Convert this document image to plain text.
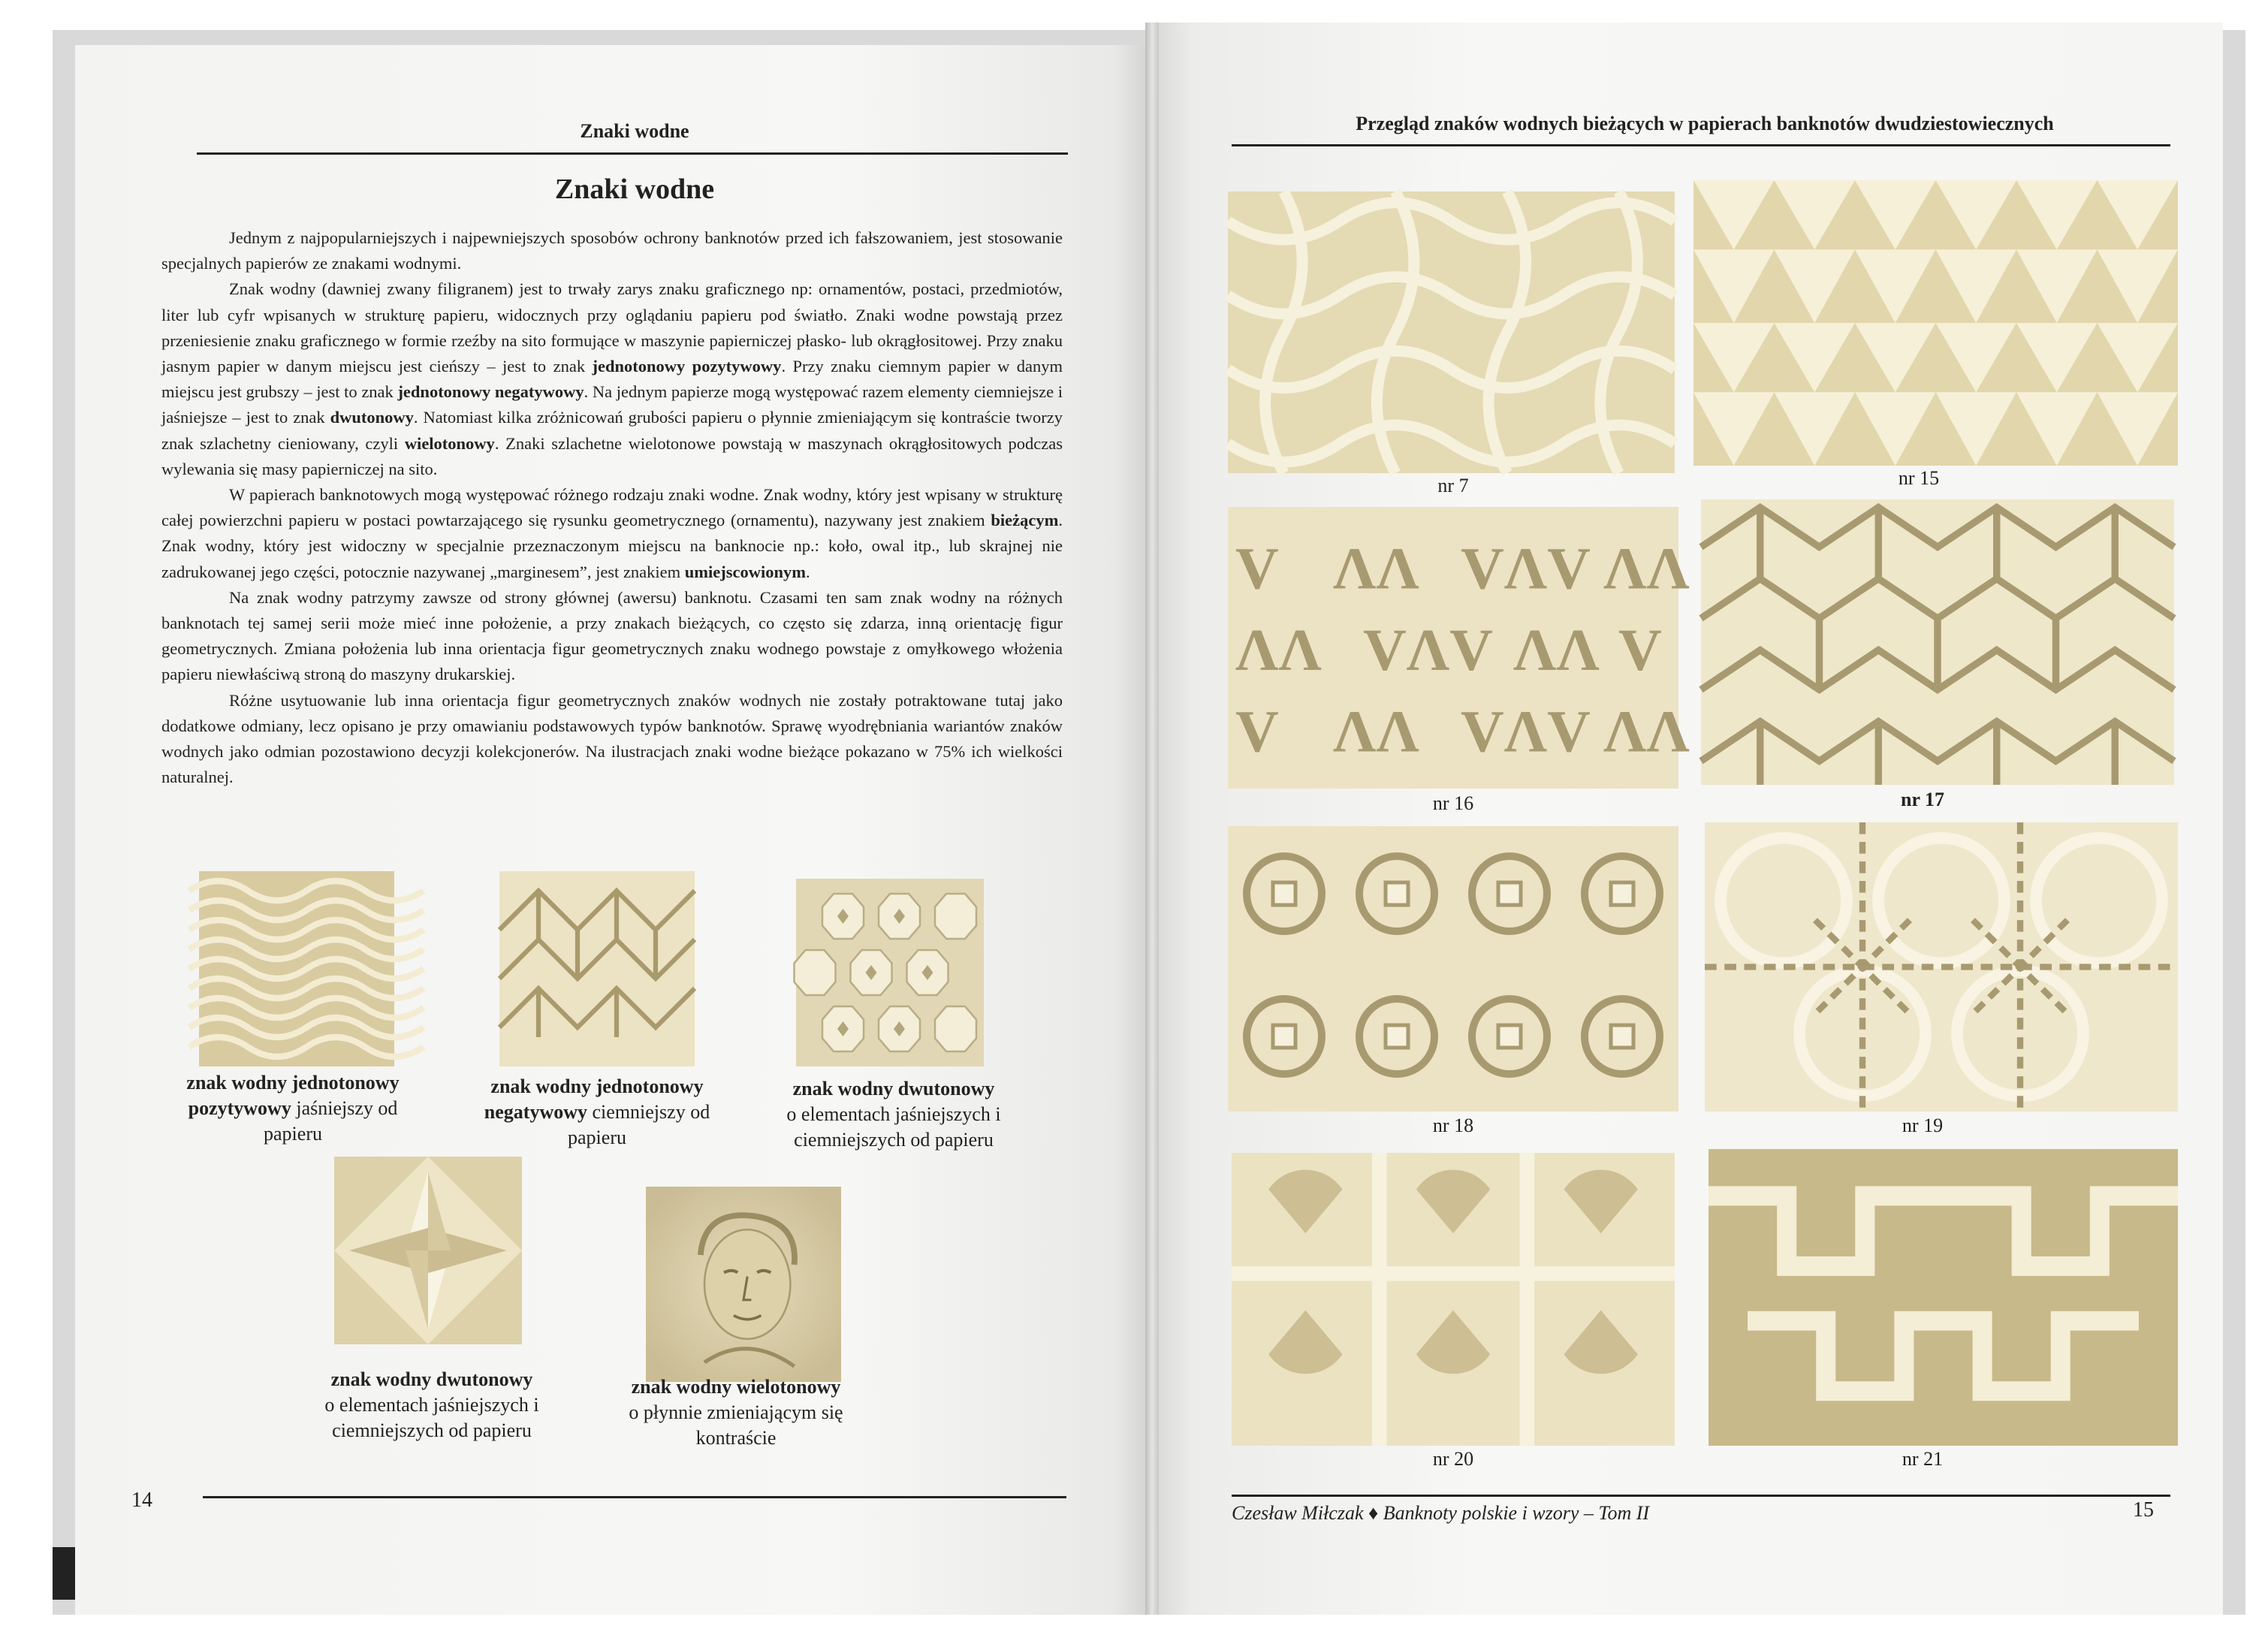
Znaki wodne
Znaki wodne

Jednym z najpopularniejszych i najpewniejszych sposobów ochrony banknotów przed ich fałszowaniem, jest stosowanie specjalnych papierów ze znakami wodnymi.

Znak wodny (dawniej zwany filigranem) jest to trwały zarys znaku graficznego np: ornamentów, postaci, przedmiotów, liter lub cyfr wpisanych w strukturę papieru, widocznych przy oglądaniu papieru pod światło. Znaki wodne powstają przez przeniesienie znaku graficznego w formie rzeźby na sito formujące w maszynie papierniczej płasko- lub okrągłositowej. Przy znaku jasnym papier w danym miejscu jest cieńszy – jest to znak jednotonowy pozytywowy. Przy znaku ciemnym papier w danym miejscu jest grubszy – jest to znak jednotonowy negatywowy. Na jednym papierze mogą występować razem elementy ciemniejsze i jaśniejsze – jest to znak dwutonowy. Natomiast kilka zróżnicowań grubości papieru o płynnie zmieniającym się kontraście tworzy znak szlachetny cieniowany, czyli wielotonowy. Znaki szlachetne wielotonowe powstają w maszynach okrągłositowych podczas wylewania się masy papierniczej na sito.

W papierach banknotowych mogą występować różnego rodzaju znaki wodne. Znak wodny, który jest wpisany w strukturę całej powierzchni papieru w postaci powtarzającego się rysunku geometrycznego (ornamentu), nazywany jest znakiem bieżącym. Znak wodny, który jest widoczny w specjalnie przeznaczonym miejscu na banknocie np.: koło, owal itp., lub skrajnej nie zadrukowanej jego części, potocznie nazywanej „marginesem”, jest znakiem umiejscowionym.

Na znak wodny patrzymy zawsze od strony głównej (awersu) banknotu. Czasami ten sam znak wodny na różnych banknotach tej samej serii może mieć inne położenie, a przy znakach bieżących, co często się zdarza, inną orientację figur geometrycznych. Zmiana położenia lub inna orientacja figur geometrycznych znaku wodnego powstaje z omyłkowego włożenia papieru niewłaściwą stroną do maszyny drukarskiej.

Różne usytuowanie lub inna orientacja figur geometrycznych znaków wodnych nie zostały potraktowane tutaj jako dodatkowe odmiany, lecz opisano je przy omawianiu podstawowych typów banknotów. Sprawę wyodrębniania wariantów znaków wodnych jako odmian pozostawiono decyzji kolekcjonerów. Na ilustracjach znaki wodne bieżące pokazano w 75% ich wielkości naturalnej.

znak wodny jednotonowy pozytywowy jaśniejszy od papieru
znak wodny jednotonowy negatywowy ciemniejszy od papieru
znak wodny dwutonowy
o elementach jaśniejszych i ciemniejszych od papieru
znak wodny dwutonowy
o elementach jaśniejszych i ciemniejszych od papieru
znak wodny wielotonowy
o płynnie zmieniającym się kontraście
14
Przegląd znaków wodnych bieżących w papierach banknotów dwudziestowiecznych
nr 7	nr 15
V	ΛΛ	VΛV ΛΛ
ΛΛ	VΛV ΛΛ V
V	ΛΛ	VΛV ΛΛ
nr 16	nr 17
nr 18	nr 19
nr 20	nr 21
Czesław Miłczak ♦ Banknoty polskie i wzory – Tom II	15
